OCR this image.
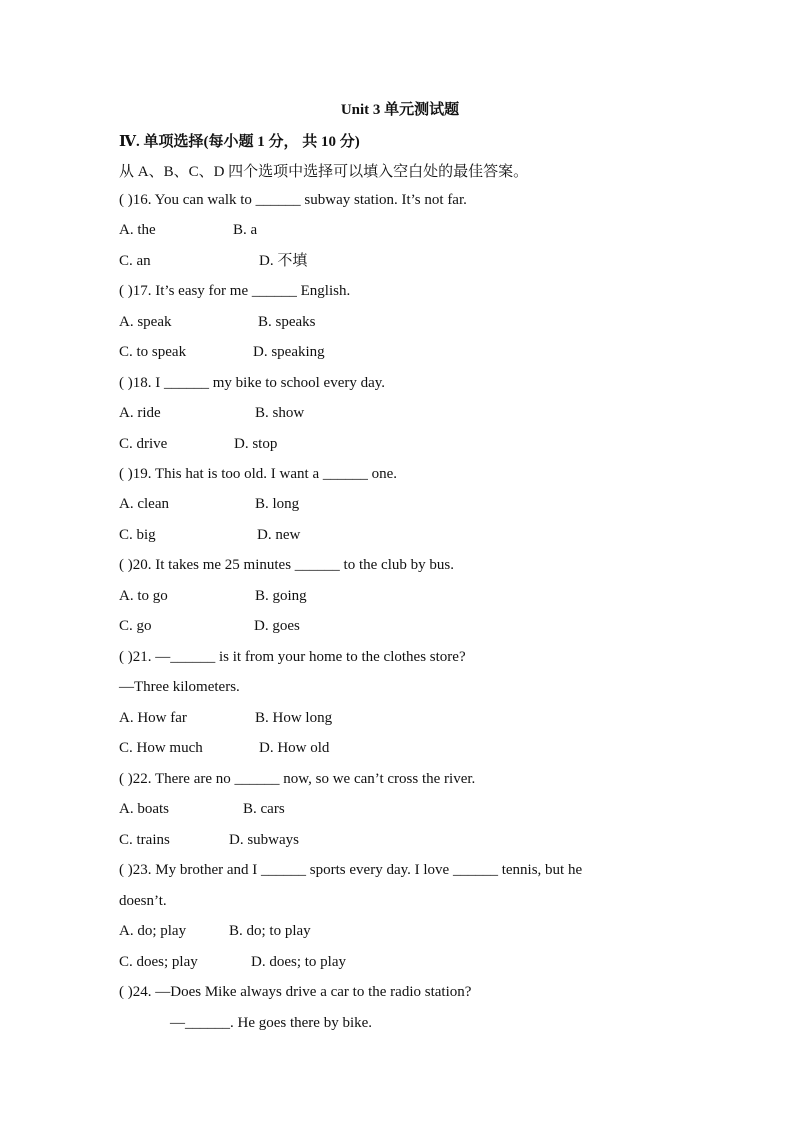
Unit 3 单元测试题
Ⅳ. 单项选择(每小题 1 分， 共 10 分)
从 A、B、C、D 四个选项中选择可以填入空白处的最佳答案。
( )16. You can walk to ______ subway station. It’s not far.
A. the	B. a
C. an	D. 不填
( )17. It’s easy for me ______ English.
A. speak	B. speaks
C. to speak	D. speaking
( )18. I ______ my bike to school every day.
A. ride	B. show
C. drive	D. stop
( )19. This hat is too old. I want a ______ one.
A. clean	B. long
C. big	D. new
( )20. It takes me 25 minutes ______ to the club by bus.
A. to go	B. going
C. go	D. goes
( )21. —______ is it from your home to the clothes store?
—Three kilometers.
A. How far	B. How long
C. How much	D. How old
( )22. There are no ______ now, so we can’t cross the river.
A. boats	B. cars
C. trains	D. subways
( )23. My brother and I ______ sports every day. I love ______ tennis, but he
doesn’t.
A. do; play	B. do; to play
C. does; play	D. does; to play
( )24. —Does Mike always drive a car to the radio station?
—______. He goes there by bike.
